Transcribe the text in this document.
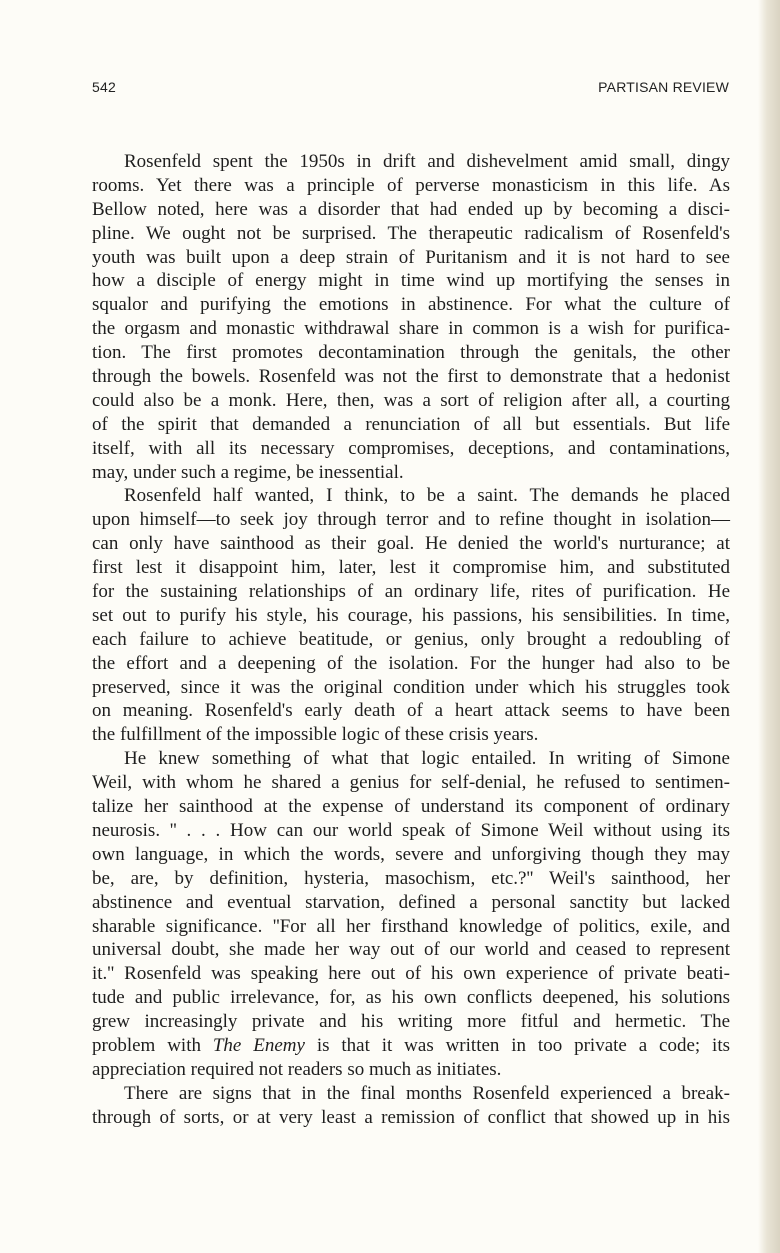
542	PARTISAN REVIEW
Rosenfeld spent the 1950s in drift and dishevelment amid small, dingy
rooms. Yet there was a principle of perverse monasticism in this life. As
Bellow noted, here was a disorder that had ended up by becoming a disci-
pline. We ought not be surprised. The therapeutic radicalism of Rosenfeld's
youth was built upon a deep strain of Puritanism and it is not hard to see
how a disciple of energy might in time wind up mortifying the senses in
squalor and purifying the emotions in abstinence. For what the culture of
the orgasm and monastic withdrawal share in common is a wish for purifica-
tion. The first promotes decontamination through the genitals, the other
through the bowels. Rosenfeld was not the first to demonstrate that a hedonist
could also be a monk. Here, then, was a sort of religion after all, a courting
of the spirit that demanded a renunciation of all but essentials. But life
itself, with all its necessary compromises, deceptions, and contaminations,
may, under such a regime, be inessential.
Rosenfeld half wanted, I think, to be a saint. The demands he placed
upon himself—to seek joy through terror and to refine thought in isolation—
can only have sainthood as their goal. He denied the world's nurturance; at
first lest it disappoint him, later, lest it compromise him, and substituted
for the sustaining relationships of an ordinary life, rites of purification. He
set out to purify his style, his courage, his passions, his sensibilities. In time,
each failure to achieve beatitude, or genius, only brought a redoubling of
the effort and a deepening of the isolation. For the hunger had also to be
preserved, since it was the original condition under which his struggles took
on meaning. Rosenfeld's early death of a heart attack seems to have been
the fulfillment of the impossible logic of these crisis years.
He knew something of what that logic entailed. In writing of Simone
Weil, with whom he shared a genius for self-denial, he refused to sentimen-
talize her sainthood at the expense of understand its component of ordinary
neurosis. '' . . . How can our world speak of Simone Weil without using its
own language, in which the words, severe and unforgiving though they may
be, are, by definition, hysteria, masochism, etc.?'' Weil's sainthood, her
abstinence and eventual starvation, defined a personal sanctity but lacked
sharable significance. ''For all her firsthand knowledge of politics, exile, and
universal doubt, she made her way out of our world and ceased to represent
it.'' Rosenfeld was speaking here out of his own experience of private beati-
tude and public irrelevance, for, as his own conflicts deepened, his solutions
grew increasingly private and his writing more fitful and hermetic. The
problem with The Enemy is that it was written in too private a code; its
appreciation required not readers so much as initiates.
There are signs that in the final months Rosenfeld experienced a break-
through of sorts, or at very least a remission of conflict that showed up in his
